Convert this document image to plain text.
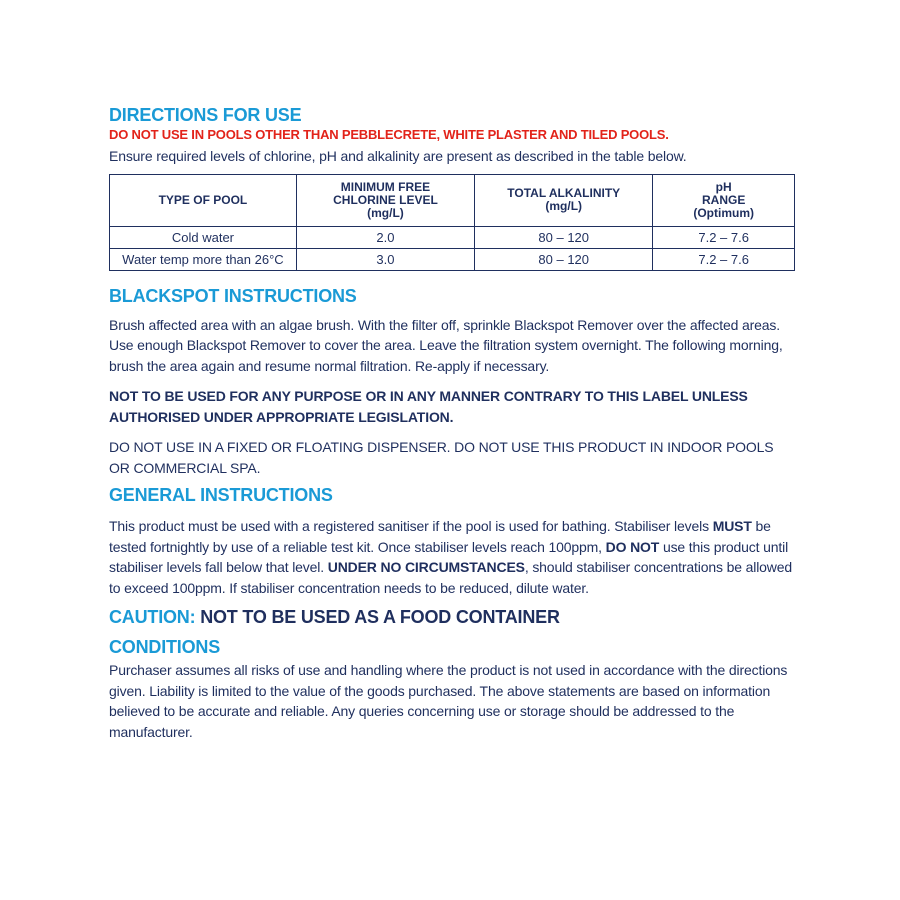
DIRECTIONS FOR USE

DO NOT USE IN POOLS OTHER THAN PEBBLECRETE, WHITE PLASTER AND TILED POOLS.

Ensure required levels of chlorine, pH and alkalinity are present as described in the table below.

TYPE OF POOL	MINIMUM FREE CHLORINE LEVEL (mg/L)	TOTAL ALKALINITY (mg/L)	pH RANGE (Optimum)
Cold water	2.0	80 – 120	7.2 – 7.6
Water temp more than 26°C	3.0	80 – 120	7.2 – 7.6
BLACKSPOT INSTRUCTIONS

Brush affected area with an algae brush. With the filter off, sprinkle Blackspot Remover over the affected areas. Use enough Blackspot Remover to cover the area. Leave the filtration system overnight. The following morning, brush the area again and resume normal filtration. Re-apply if necessary.

NOT TO BE USED FOR ANY PURPOSE OR IN ANY MANNER CONTRARY TO THIS LABEL UNLESS AUTHORISED UNDER APPROPRIATE LEGISLATION.

DO NOT USE IN A FIXED OR FLOATING DISPENSER. DO NOT USE THIS PRODUCT IN INDOOR POOLS OR COMMERCIAL SPA.

GENERAL INSTRUCTIONS

This product must be used with a registered sanitiser if the pool is used for bathing. Stabiliser levels MUST be tested fortnightly by use of a reliable test kit. Once stabiliser levels reach 100ppm, DO NOT use this product until stabiliser levels fall below that level. UNDER NO CIRCUMSTANCES, should stabiliser concentrations be allowed to exceed 100ppm. If stabiliser concentration needs to be reduced, dilute water.

CAUTION: NOT TO BE USED AS A FOOD CONTAINER
CONDITIONS

Purchaser assumes all risks of use and handling where the product is not used in accordance with the directions given. Liability is limited to the value of the goods purchased. The above statements are based on information believed to be accurate and reliable. Any queries concerning use or storage should be addressed to the manufacturer.
